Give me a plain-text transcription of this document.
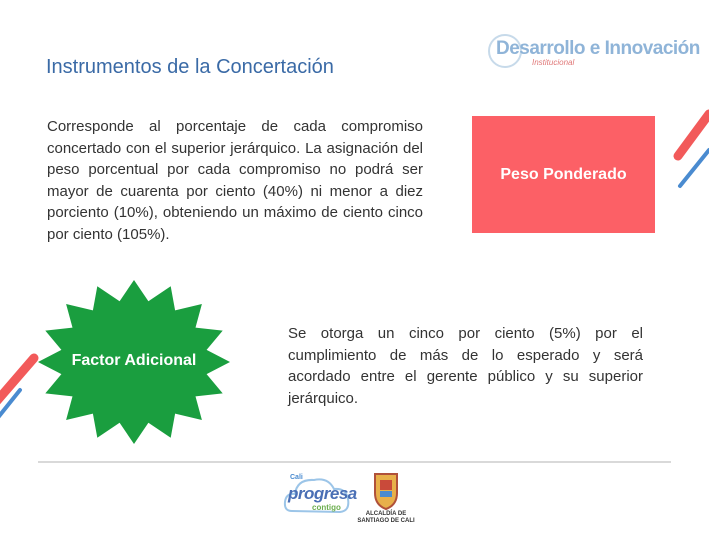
Instrumentos de la Concertación
Desarrollo e Innovación
Institucional
Corresponde al porcentaje de cada compromiso concertado con el superior jerárquico. La asignación del peso porcentual por cada compromiso no podrá ser mayor de cuarenta por ciento (40%) ni menor a diez porciento (10%), obteniendo un máximo de ciento cinco por ciento (105%).
Peso Ponderado
Factor Adicional
Se otorga un cinco por ciento (5%) por el cumplimiento de más de lo esperado y será acordado entre el gerente público y su superior jerárquico.
Cali
progresa
contigo
ALCALDÍA DE
SANTIAGO DE CALI
